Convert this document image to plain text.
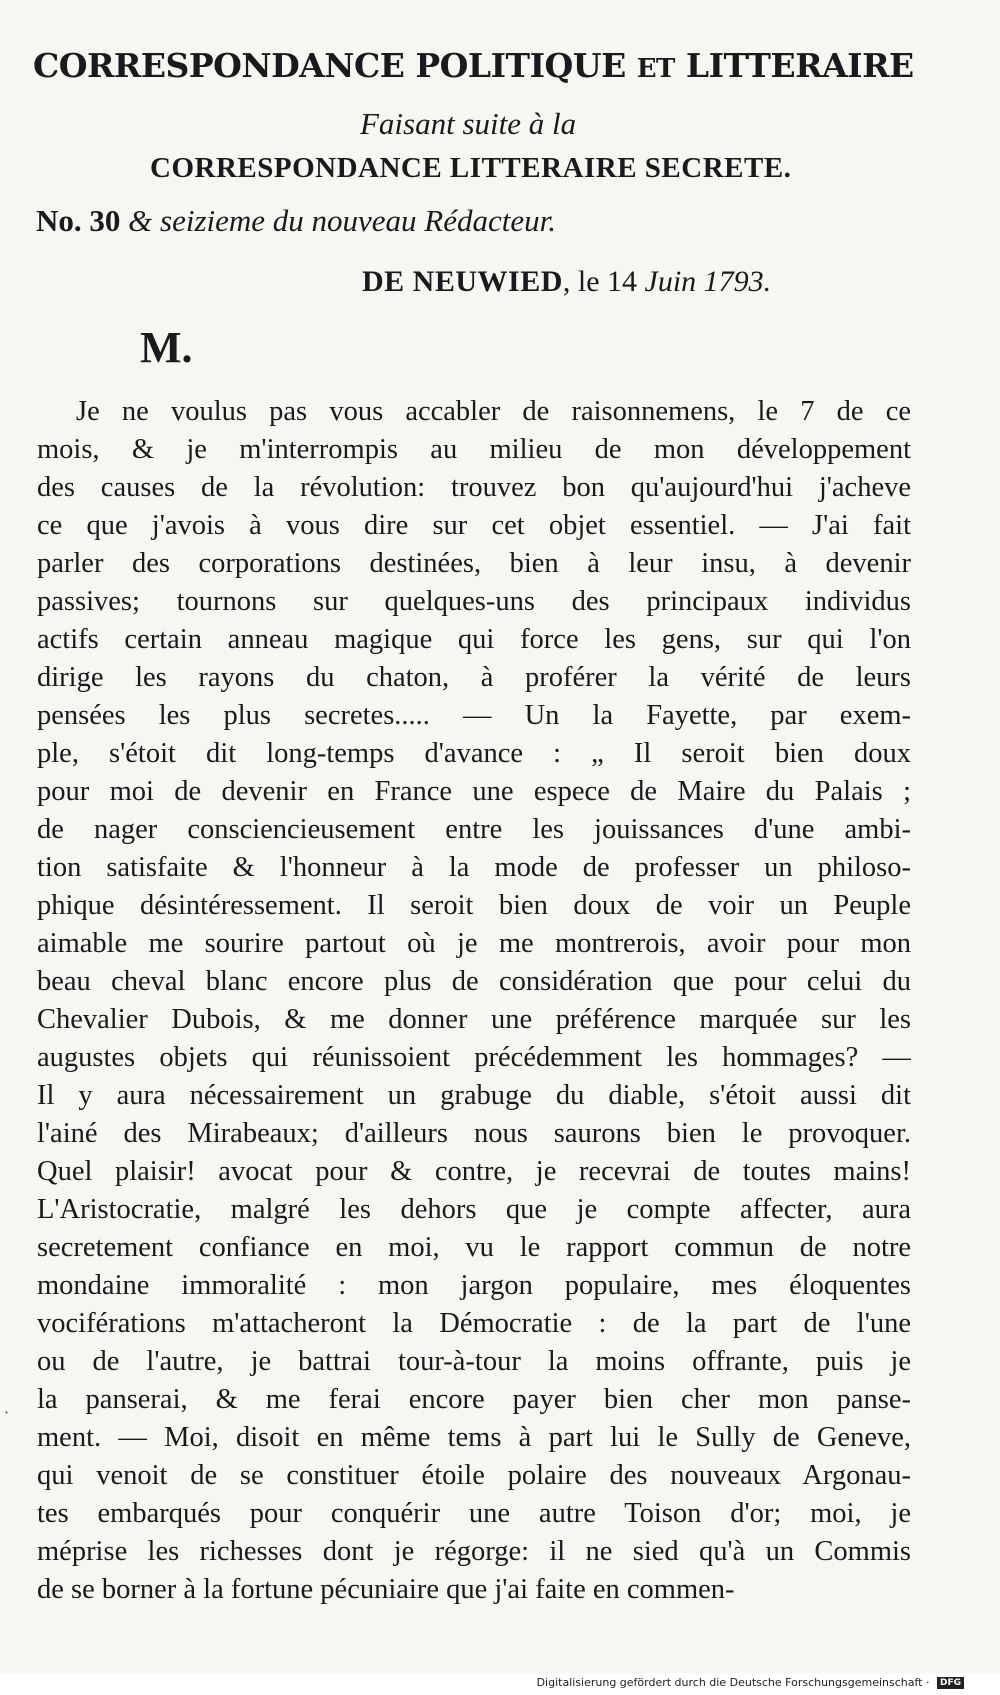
CORRESPONDANCE POLITIQUE ET LITTERAIRE
Faisant suite à la
CORRESPONDANCE LITTERAIRE SECRETE.
No. 30 & seizieme du nouveau Rédacteur.
DE NEUWIED, le 14 Juin 1793.
M.
Je ne voulus pas vous accabler de raisonnemens, le 7 de ce
mois, & je m'interrompis au milieu de mon développement
des causes de la révolution: trouvez bon qu'aujourd'hui j'acheve
ce que j'avois à vous dire sur cet objet essentiel. — J'ai fait
parler des corporations destinées, bien à leur insu, à devenir
passives; tournons sur quelques-uns des principaux individus
actifs certain anneau magique qui force les gens, sur qui l'on
dirige les rayons du chaton, à proférer la vérité de leurs
pensées les plus secretes..... — Un la Fayette, par exem-
ple, s'étoit dit long-temps d'avance : „ Il seroit bien doux
pour moi de devenir en France une espece de Maire du Palais ;
de nager consciencieusement entre les jouissances d'une ambi-
tion satisfaite & l'honneur à la mode de professer un philoso-
phique désintéressement. Il seroit bien doux de voir un Peuple
aimable me sourire partout où je me montrerois, avoir pour mon
beau cheval blanc encore plus de considération que pour celui du
Chevalier Dubois, & me donner une préférence marquée sur les
augustes objets qui réunissoient précédemment les hommages? —
Il y aura nécessairement un grabuge du diable, s'étoit aussi dit
l'ainé des Mirabeaux; d'ailleurs nous saurons bien le provoquer.
Quel plaisir! avocat pour & contre, je recevrai de toutes mains!
L'Aristocratie, malgré les dehors que je compte affecter, aura
secretement confiance en moi, vu le rapport commun de notre
mondaine immoralité : mon jargon populaire, mes éloquentes
vociférations m'attacheront la Démocratie : de la part de l'une
ou de l'autre, je battrai tour-à-tour la moins offrante, puis je
la panserai, & me ferai encore payer bien cher mon panse-
ment. — Moi, disoit en même tems à part lui le Sully de Geneve,
qui venoit de se constituer étoile polaire des nouveaux Argonau-
tes embarqués pour conquérir une autre Toison d'or; moi, je
méprise les richesses dont je régorge: il ne sied qu'à un Commis
de se borner à la fortune pécuniaire que j'ai faite en commen-
·
Digitalisierung gefördert durch die Deutsche Forschungsgemeinschaft · DFG
